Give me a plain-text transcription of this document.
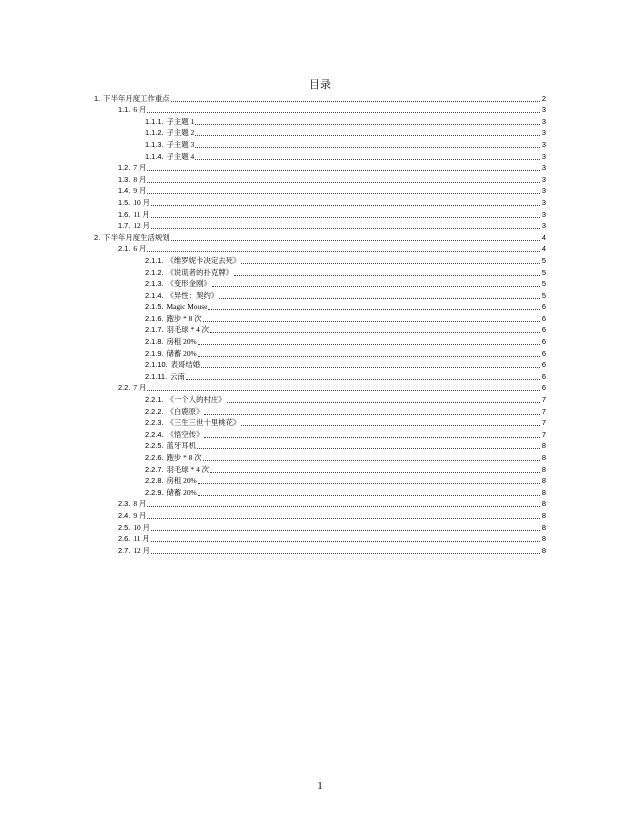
目录
1. 下半年月度工作重点	2
1.1. 6 月	3
1.1.1. 子主题 1	3
1.1.2. 子主题 2	3
1.1.3. 子主题 3	3
1.1.4. 子主题 4	3
1.2. 7 月	3
1.3. 8 月	3
1.4. 9 月	3
1.5. 10 月	3
1.6. 11 月	3
1.7. 12 月	3
2. 下半年月度生活规划	4
2.1. 6 月	4
2.1.1. 《维罗妮卡决定去死》	5
2.1.2. 《说谎者的扑克牌》	5
2.1.3. 《变形金刚》	5
2.1.4. 《异性：契约》	5
2.1.5. Magic Mouse	6
2.1.6. 跑步 * 8 次	6
2.1.7. 羽毛球 * 4 次	6
2.1.8. 房租 20%	6
2.1.9. 储蓄 20%	6
2.1.10. 表哥结婚	6
2.1.11. 云南	6
2.2. 7 月	6
2.2.1. 《一个人的村庄》	7
2.2.2. 《白鹿原》	7
2.2.3. 《三生三世十里桃花》	7
2.2.4. 《悟空传》	7
2.2.5. 蓝牙耳机	8
2.2.6. 跑步 * 8 次	8
2.2.7. 羽毛球 * 4 次	8
2.2.8. 房租 20%	8
2.2.9. 储蓄 20%	8
2.3. 8 月	8
2.4. 9 月	8
2.5. 10 月	8
2.6. 11 月	8
2.7. 12 月	8
1
